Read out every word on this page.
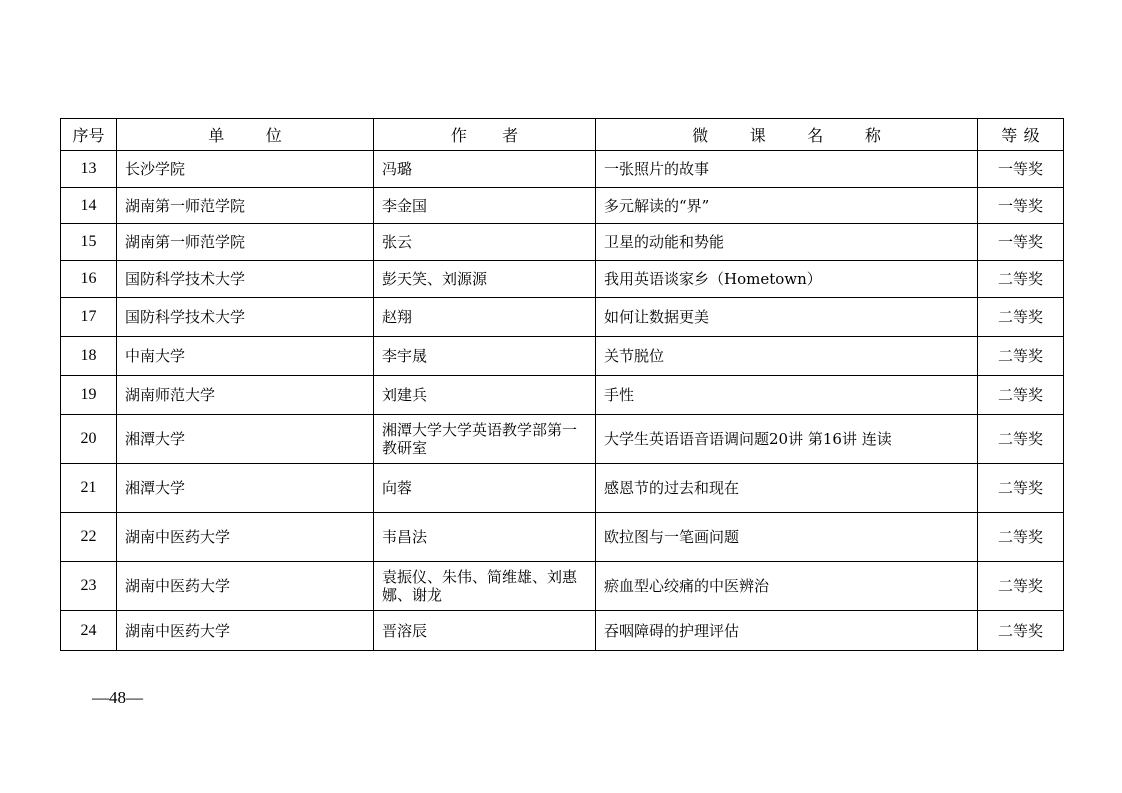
序号	单位	作者	微课名称	等级

13	长沙学院	冯璐	一张照片的故事	一等奖
14	湖南第一师范学院	李金国	多元解读的“界”	一等奖
15	湖南第一师范学院	张云	卫星的动能和势能	一等奖
16	国防科学技术大学	彭天笑、刘源源	我用英语谈家乡（Hometown）	二等奖
17	国防科学技术大学	赵翔	如何让数据更美	二等奖
18	中南大学	李宇晟	关节脱位	二等奖
19	湖南师范大学	刘建兵	手性	二等奖
20	湘潭大学	湘潭大学大学英语教学部第一教研室	大学生英语语音语调问题20讲 第16讲 连读	二等奖
21	湘潭大学	向蓉	感恩节的过去和现在	二等奖
22	湖南中医药大学	韦昌法	欧拉图与一笔画问题	二等奖
23	湖南中医药大学	袁振仪、朱伟、简维雄、刘惠娜、谢龙	瘀血型心绞痛的中医辨治	二等奖
24	湖南中医药大学	晋溶辰	吞咽障碍的护理评估	二等奖
—48—
